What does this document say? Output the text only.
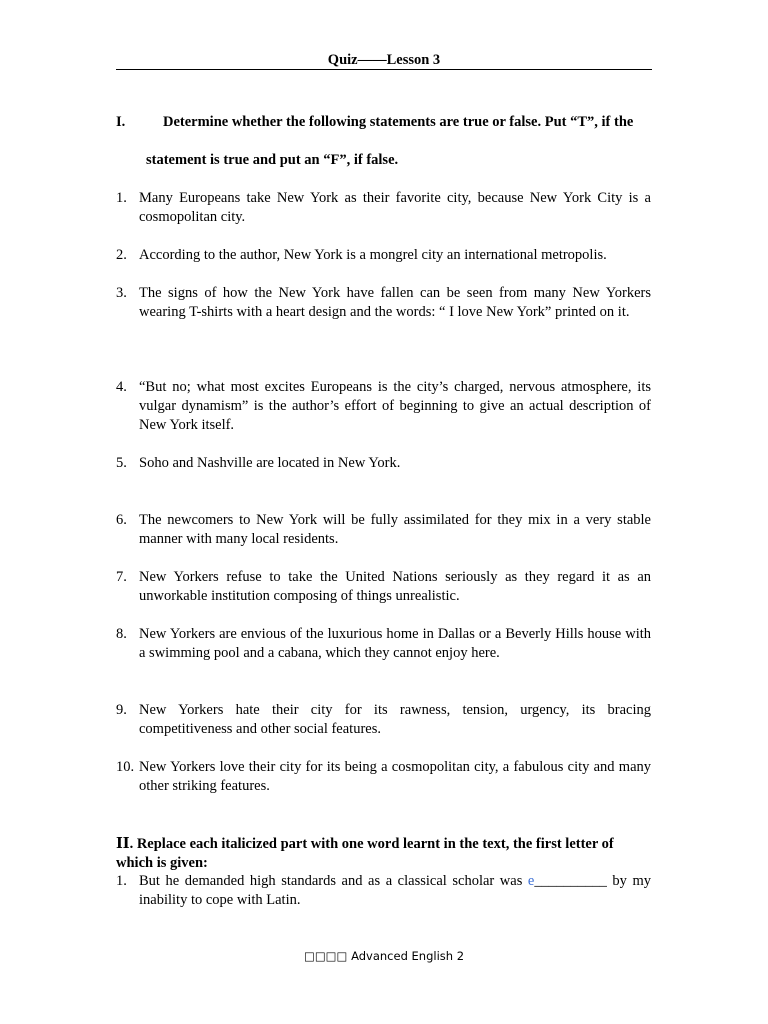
Quiz——Lesson 3
I.	Determine whether the following statements are true or false. Put “T”, if the
statement is true and put an “F”, if false.
1. Many Europeans take New York as their favorite city, because New York City is a cosmopolitan city.
2. According to the author, New York is a mongrel city an international metropolis.
3. The signs of how the New York have fallen can be seen from many New Yorkers wearing T-shirts with a heart design and the words: “ I love New York” printed on it.
4. “But no; what most excites Europeans is the city’s charged, nervous atmosphere, its vulgar dynamism” is the author’s effort of beginning to give an actual description of New York itself.
5. Soho and Nashville are located in New York.
6. The newcomers to New York will be fully assimilated for they mix in a very stable manner with many local residents.
7. New Yorkers refuse to take the United Nations seriously as they regard it as an unworkable institution composing of things unrealistic.
8. New Yorkers are envious of the luxurious home in Dallas or a Beverly Hills house with a swimming pool and a cabana, which they cannot enjoy here.
9. New Yorkers hate their city for its rawness, tension, urgency, its bracing competitiveness and other social features.
10. New Yorkers love their city for its being a cosmopolitan city, a fabulous city and many other striking features.
II. Replace each italicized part with one word learnt in the text, the first letter of which is given:
1. But he demanded high standards and as a classical scholar was e__________ by my inability to cope with Latin.
□□□□ Advanced English 2
